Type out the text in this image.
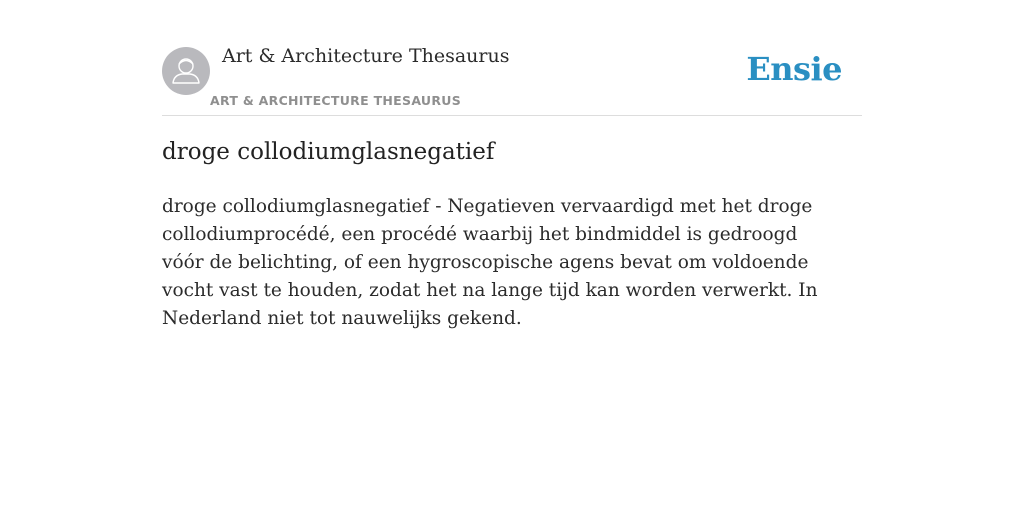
Art & Architecture Thesaurus
ART & ARCHITECTURE THESAURUS
Ensie
droge collodiumglasnegatief

droge collodiumglasnegatief - Negatieven vervaardigd met het droge collodiumprocédé, een procédé waarbij het bindmiddel is gedroogd vóór de belichting, of een hygroscopische agens bevat om voldoende vocht vast te houden, zodat het na lange tijd kan worden verwerkt. In Nederland niet tot nauwelijks gekend.
